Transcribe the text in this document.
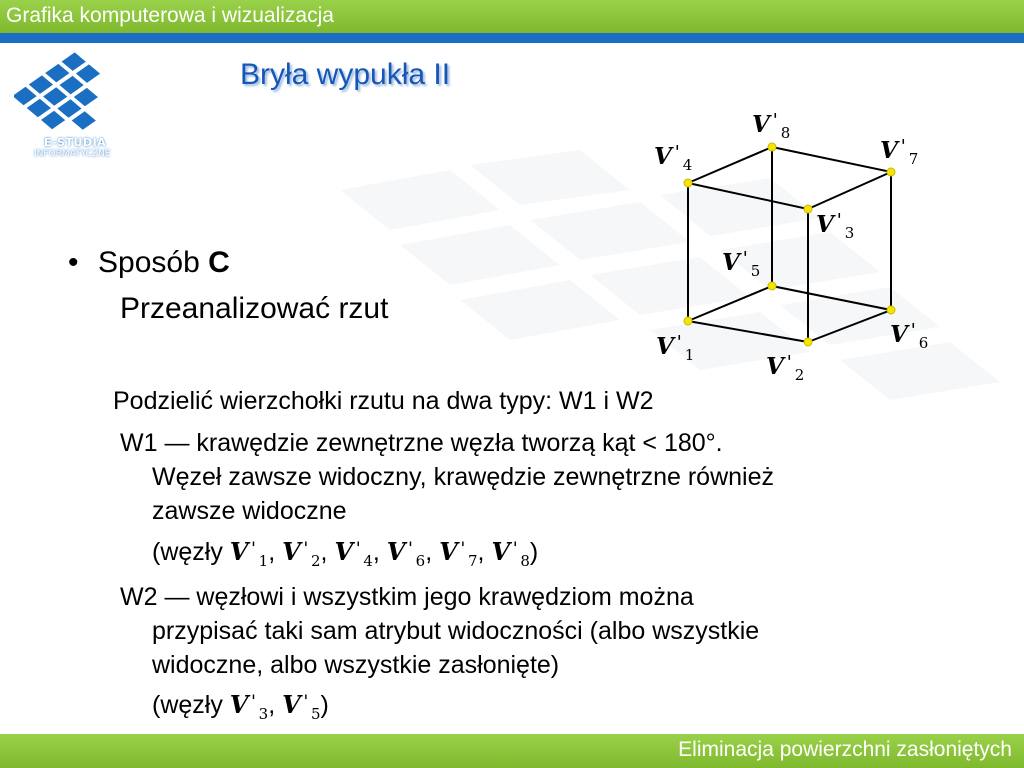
Grafika komputerowa i wizualizacja
E-STUDIA
INFORMATYCZNE
Bryła wypukła II
• Sposób C
Przeanalizować rzut
$V'_8$
$V'_4$
$V'_7$
$V'_3$
$V'_5$
$V'_6$
$V'_1$	$V'_2$
Podzielić wierzchołki rzutu na dwa typy: W1 i W2
W1 — krawędzie zewnętrzne węzła tworzą kąt < 180°.
Węzeł zawsze widoczny, krawędzie zewnętrzne również
zawsze widoczne
(węzły $V'_1$, $V'_2$, $V'_4$, $V'_6$, $V'_7$, $V'_8$)
W2 — węzłowi i wszystkim jego krawędziom można
przypisać taki sam atrybut widoczności (albo wszystkie
widoczne, albo wszystkie zasłonięte)
(węzły $V'_3$, $V'_5$)
Eliminacja powierzchni zasłoniętych
